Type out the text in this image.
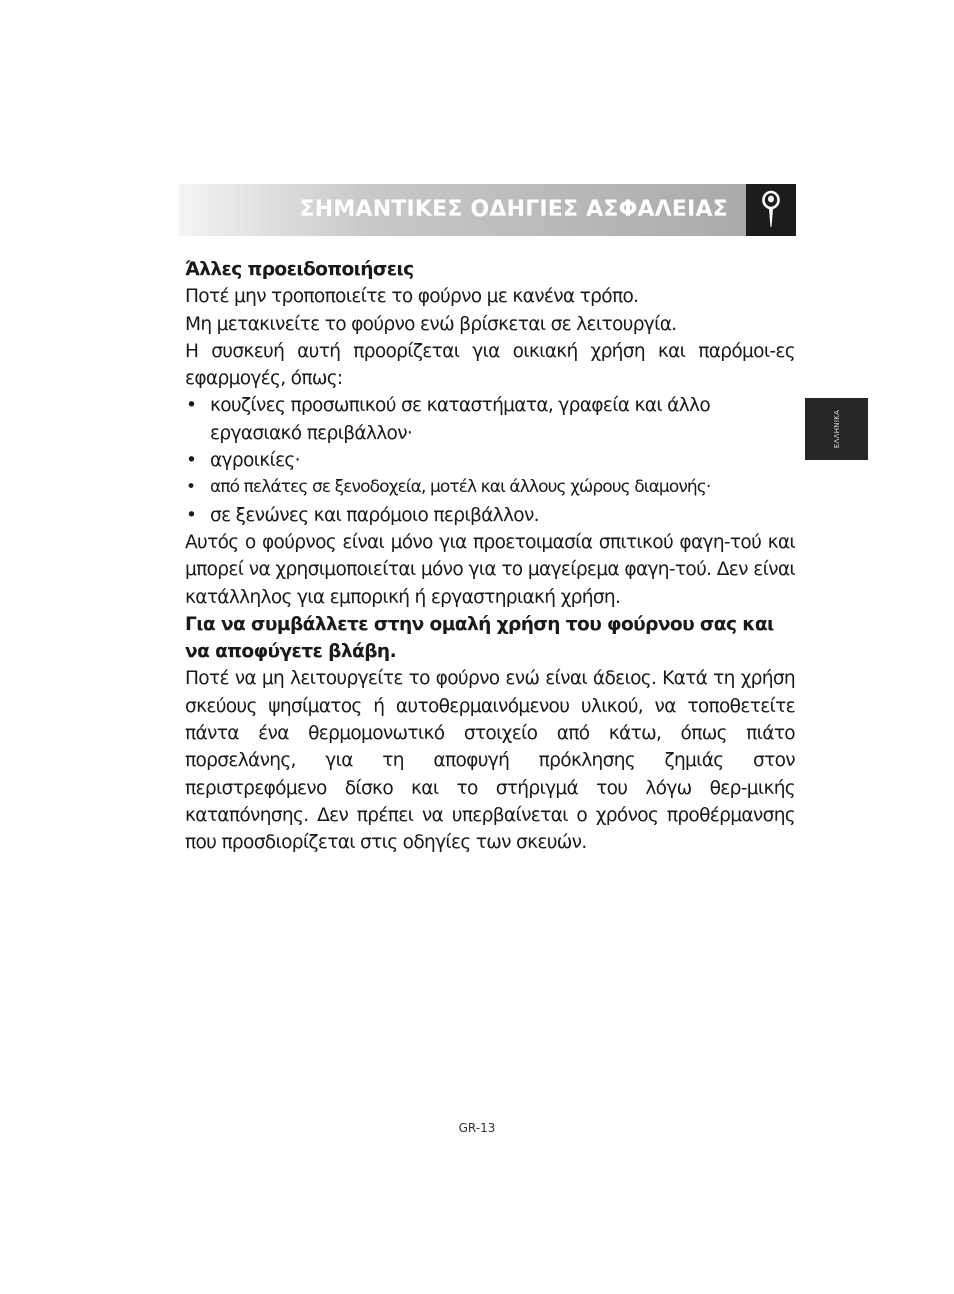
ΣΗΜΑΝΤΙΚΕΣ ΟΔΗΓΙΕΣ ΑΣΦΑΛΕΙΑΣ
ΕΛΛΗΝΙΚΑ

Άλλες προειδοποιήσεις

Ποτέ μην τροποποιείτε το φούρνο με κανένα τρόπο.

Μη μετακινείτε το φούρνο ενώ βρίσκεται σε λειτουργία.

Η συσκευή αυτή προορίζεται για οικιακή χρήση και παρόμοι-ες εφαρμογές, όπως:

• κουζίνες προσωπικού σε καταστήματα, γραφεία και άλλο εργασιακό περιβάλλον·
• αγροικίες·
• από πελάτες σε ξενοδοχεία, μοτέλ και άλλους χώρους διαμονής·
• σε ξενώνες και παρόμοιο περιβάλλον.

Αυτός ο φούρνος είναι μόνο για προετοιμασία σπιτικού φαγη-τού και μπορεί να χρησιμοποιείται μόνο για το μαγείρεμα φαγη-τού. Δεν είναι κατάλληλος για εμπορική ή εργαστηριακή χρήση.

Για να συμβάλλετε στην ομαλή χρήση του φούρνου σας και να αποφύγετε βλάβη.

Ποτέ να μη λειτουργείτε το φούρνο ενώ είναι άδειος. Κατά τη χρήση σκεύους ψησίματος ή αυτοθερμαινόμενου υλικού, να τοποθετείτε πάντα ένα θερμομονωτικό στοιχείο από κάτω, όπως πιάτο πορσελάνης, για τη αποφυγή πρόκλησης ζημιάς στον περιστρεφόμενο δίσκο και το στήριγμά του λόγω θερ-μικής καταπόνησης. Δεν πρέπει να υπερβαίνεται ο χρόνος προθέρμανσης που προσδιορίζεται στις οδηγίες των σκευών.

GR-13
